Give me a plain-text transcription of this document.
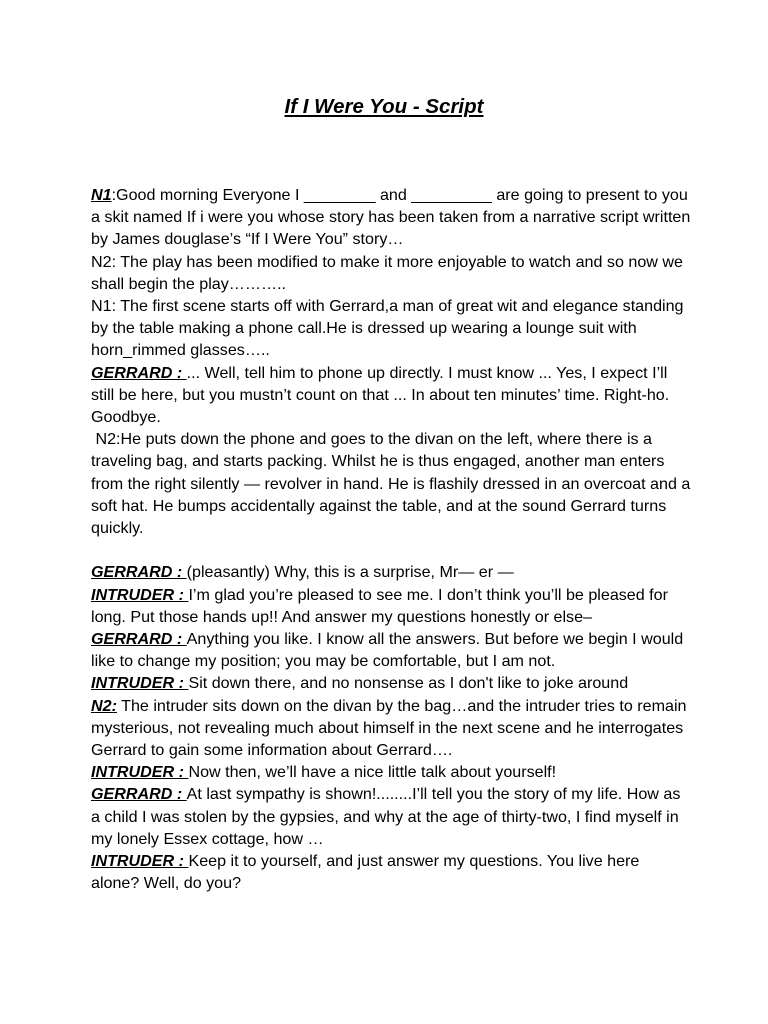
If I Were You - Script

N1:Good morning Everyone I ________ and _________ are going to present to you a skit named If i were you whose story has been taken from a narrative script written by James douglase’s “If I Were You” story…

N2: The play has been modified to make it more enjoyable to watch and so now we shall begin the play………..

N1: The first scene starts off with Gerrard,a man of great wit and elegance standing by the table making a phone call.He is dressed up wearing a lounge suit with horn_rimmed glasses…..

GERRARD : ... Well, tell him to phone up directly. I must know ... Yes, I expect I’ll still be here, but you mustn’t count on that ... In about ten minutes’ time. Right-ho. Goodbye.

N2:He puts down the phone and goes to the divan on the left, where there is a traveling bag, and starts packing. Whilst he is thus engaged, another man enters from the right silently — revolver in hand. He is flashily dressed in an overcoat and a soft hat. He bumps accidentally against the table, and at the sound Gerrard turns quickly.

GERRARD : (pleasantly) Why, this is a surprise, Mr— er —

INTRUDER : I’m glad you’re pleased to see me. I don’t think you’ll be pleased for long. Put those hands up!! And answer my questions honestly or else–

GERRARD : Anything you like. I know all the answers. But before we begin I would like to change my position; you may be comfortable, but I am not.

INTRUDER : Sit down there, and no nonsense as I don't like to joke around

N2: The intruder sits down on the divan by the bag…and the intruder tries to remain mysterious, not revealing much about himself in the next scene and he interrogates Gerrard to gain some information about Gerrard….

INTRUDER : Now then, we’ll have a nice little talk about yourself!

GERRARD : At last sympathy is shown!........I’ll tell you the story of my life. How as a child I was stolen by the gypsies, and why at the age of thirty-two, I find myself in my lonely Essex cottage, how …

INTRUDER : Keep it to yourself, and just answer my questions. You live here alone? Well, do you?
